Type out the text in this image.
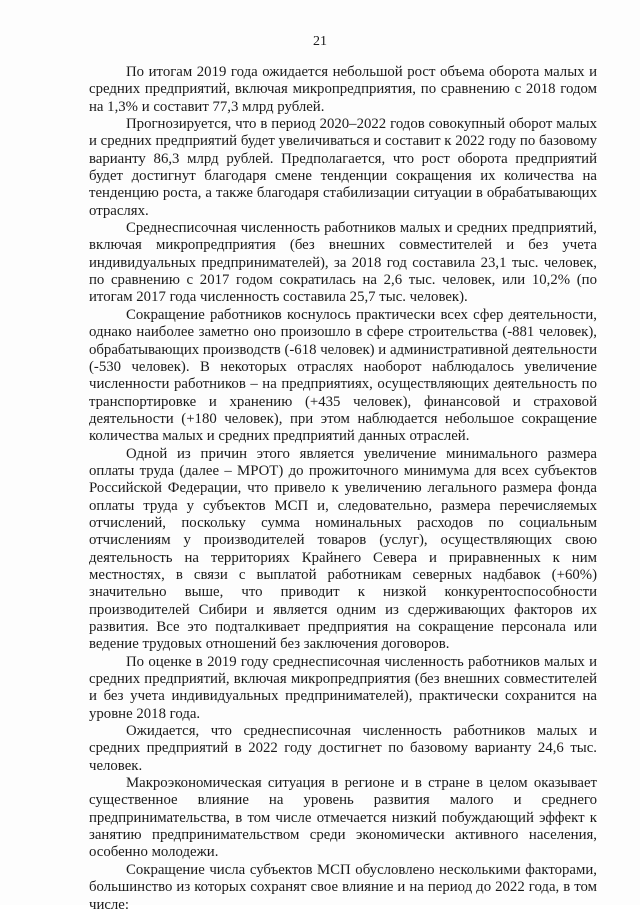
21

По итогам 2019 года ожидается небольшой рост объема оборота малых и средних предприятий, включая микропредприятия, по сравнению с 2018 годом на 1,3% и составит 77,3 млрд рублей.

Прогнозируется, что в период 2020–2022 годов совокупный оборот малых и средних предприятий будет увеличиваться и составит к 2022 году по базовому варианту 86,3 млрд рублей. Предполагается, что рост оборота предприятий будет достигнут благодаря смене тенденции сокращения их количества на тенденцию роста, а также благодаря стабилизации ситуации в обрабатывающих отраслях.

Среднесписочная численность работников малых и средних предприятий, включая микропредприятия (без внешних совместителей и без учета индивидуальных предпринимателей), за 2018 год составила 23,1 тыс. человек, по сравнению с 2017 годом сократилась на 2,6 тыс. человек, или 10,2% (по итогам 2017 года численность составила 25,7 тыс. человек).

Сокращение работников коснулось практически всех сфер деятельности, однако наиболее заметно оно произошло в сфере строительства (-881 человек), обрабатывающих производств (-618 человек) и административной деятельности (-530 человек). В некоторых отраслях наоборот наблюдалось увеличение численности работников – на предприятиях, осуществляющих деятельность по транспортировке и хранению (+435 человек), финансовой и страховой деятельности (+180 человек), при этом наблюдается небольшое сокращение количества малых и средних предприятий данных отраслей.

Одной из причин этого является увеличение минимального размера оплаты труда (далее – МРОТ) до прожиточного минимума для всех субъектов Российской Федерации, что привело к увеличению легального размера фонда оплаты труда у субъектов МСП и, следовательно, размера перечисляемых отчислений, поскольку сумма номинальных расходов по социальным отчислениям у производителей товаров (услуг), осуществляющих свою деятельность на территориях Крайнего Севера и приравненных к ним местностях, в связи с выплатой работникам северных надбавок (+60%) значительно выше, что приводит к низкой конкурентоспособности производителей Сибири и является одним из сдерживающих факторов их развития. Все это подталкивает предприятия на сокращение персонала или ведение трудовых отношений без заключения договоров.

По оценке в 2019 году среднесписочная численность работников малых и средних предприятий, включая микропредприятия (без внешних совместителей и без учета индивидуальных предпринимателей), практически сохранится на уровне 2018 года.

Ожидается, что среднесписочная численность работников малых и средних предприятий в 2022 году достигнет по базовому варианту 24,6 тыс. человек.

Макроэкономическая ситуация в регионе и в стране в целом оказывает существенное влияние на уровень развития малого и среднего предпринимательства, в том числе отмечается низкий побуждающий эффект к занятию предпринимательством среди экономически активного населения, особенно молодежи.

Сокращение числа субъектов МСП обусловлено несколькими факторами, большинство из которых сохранят свое влияние и на период до 2022 года, в том числе:
